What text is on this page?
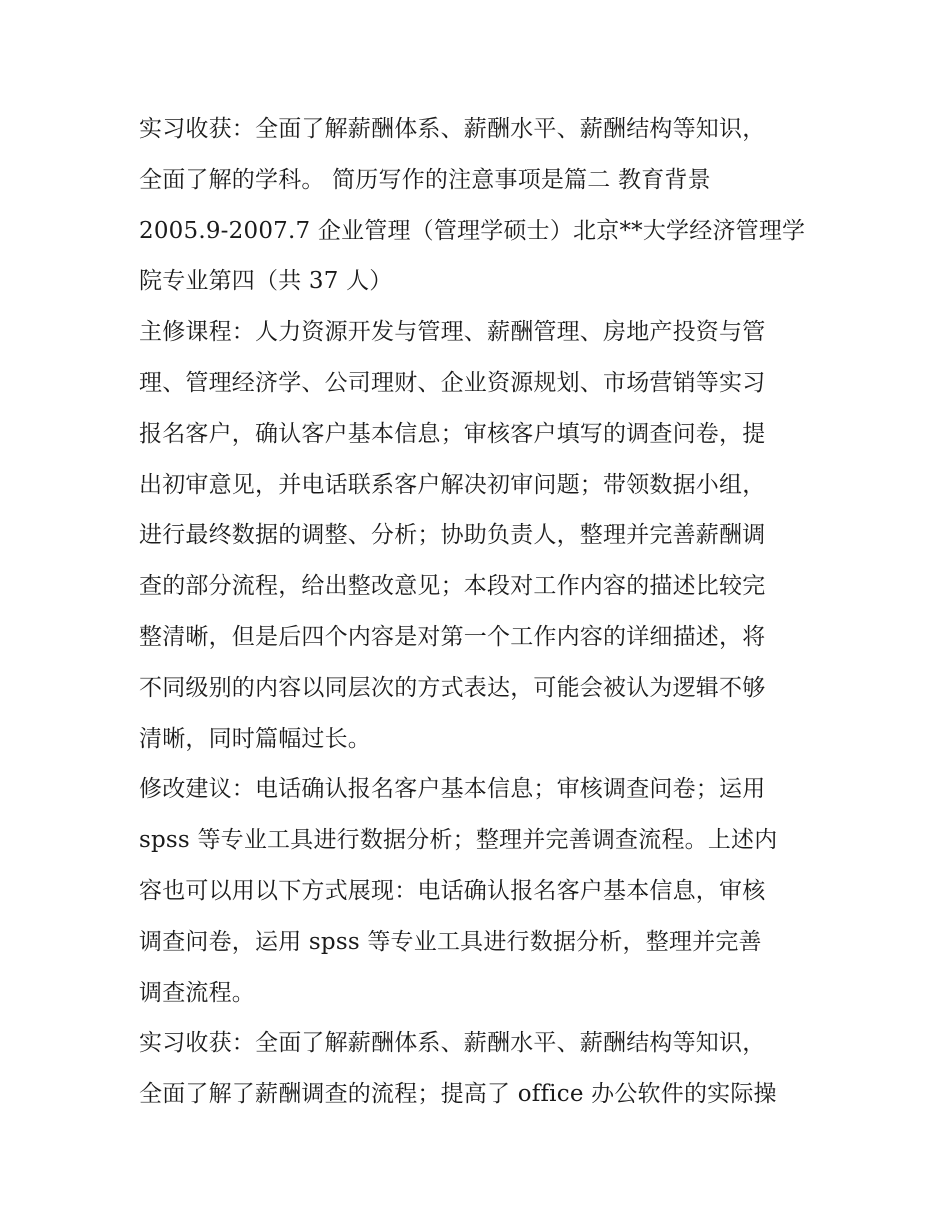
实习收获：全面了解薪酬体系、薪酬水平、薪酬结构等知识，
全面了解的学科。 简历写作的注意事项是篇二 教育背景
2005.9-2007.7 企业管理（管理学硕士）北京**大学经济管理学
院专业第四（共 37 人）
主修课程：人力资源开发与管理、薪酬管理、房地产投资与管
理、管理经济学、公司理财、企业资源规划、市场营销等实习
报名客户，确认客户基本信息；审核客户填写的调查问卷，提
出初审意见，并电话联系客户解决初审问题；带领数据小组，
进行最终数据的调整、分析；协助负责人，整理并完善薪酬调
查的部分流程，给出整改意见；本段对工作内容的描述比较完
整清晰，但是后四个内容是对第一个工作内容的详细描述，将
不同级别的内容以同层次的方式表达，可能会被认为逻辑不够
清晰，同时篇幅过长。
修改建议：电话确认报名客户基本信息；审核调查问卷；运用
spss 等专业工具进行数据分析；整理并完善调查流程。上述内
容也可以用以下方式展现：电话确认报名客户基本信息，审核
调查问卷，运用 spss 等专业工具进行数据分析，整理并完善
调查流程。
实习收获：全面了解薪酬体系、薪酬水平、薪酬结构等知识，
全面了解了薪酬调查的流程；提高了 office 办公软件的实际操
